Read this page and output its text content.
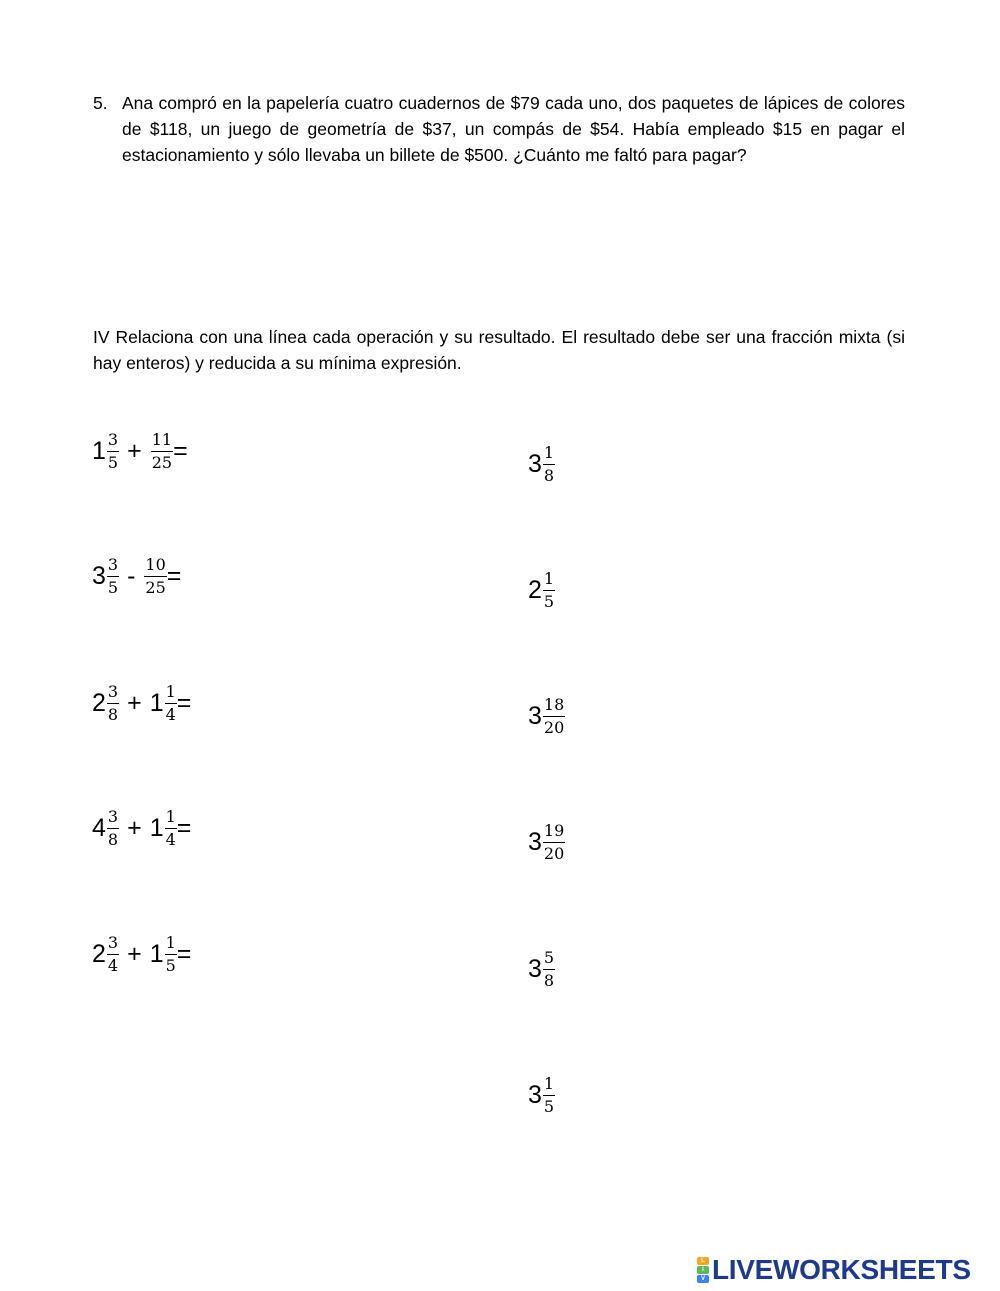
5. Ana compró en la papelería cuatro cuadernos de $79 cada uno, dos paquetes de lápices de colores de $118, un juego de geometría de $37, un compás de $54. Había empleado $15 en pagar el estacionamiento y sólo llevaba un billete de $500. ¿Cuánto me faltó para pagar?
IV Relaciona con una línea cada operación y su resultado. El resultado debe ser una fracción mixta (si hay enteros) y reducida a su mínima expresión.
$1 \frac{3}{5} + \frac{11}{25}$ =
$3 \frac{3}{5} - \frac{10}{25}$ =
$2 \frac{3}{8} + 1 \frac{1}{4}$ =
$4 \frac{3}{8} + 1 \frac{1}{4}$ =
$2 \frac{3}{4} + 1 \frac{1}{5}$ =
$3 \frac{1}{8}$
$2 \frac{1}{5}$
$3 \frac{18}{20}$
$3 \frac{19}{20}$
$3 \frac{5}{8}$
$3 \frac{1}{5}$
L
I
V LIVEWORKSHEETS
